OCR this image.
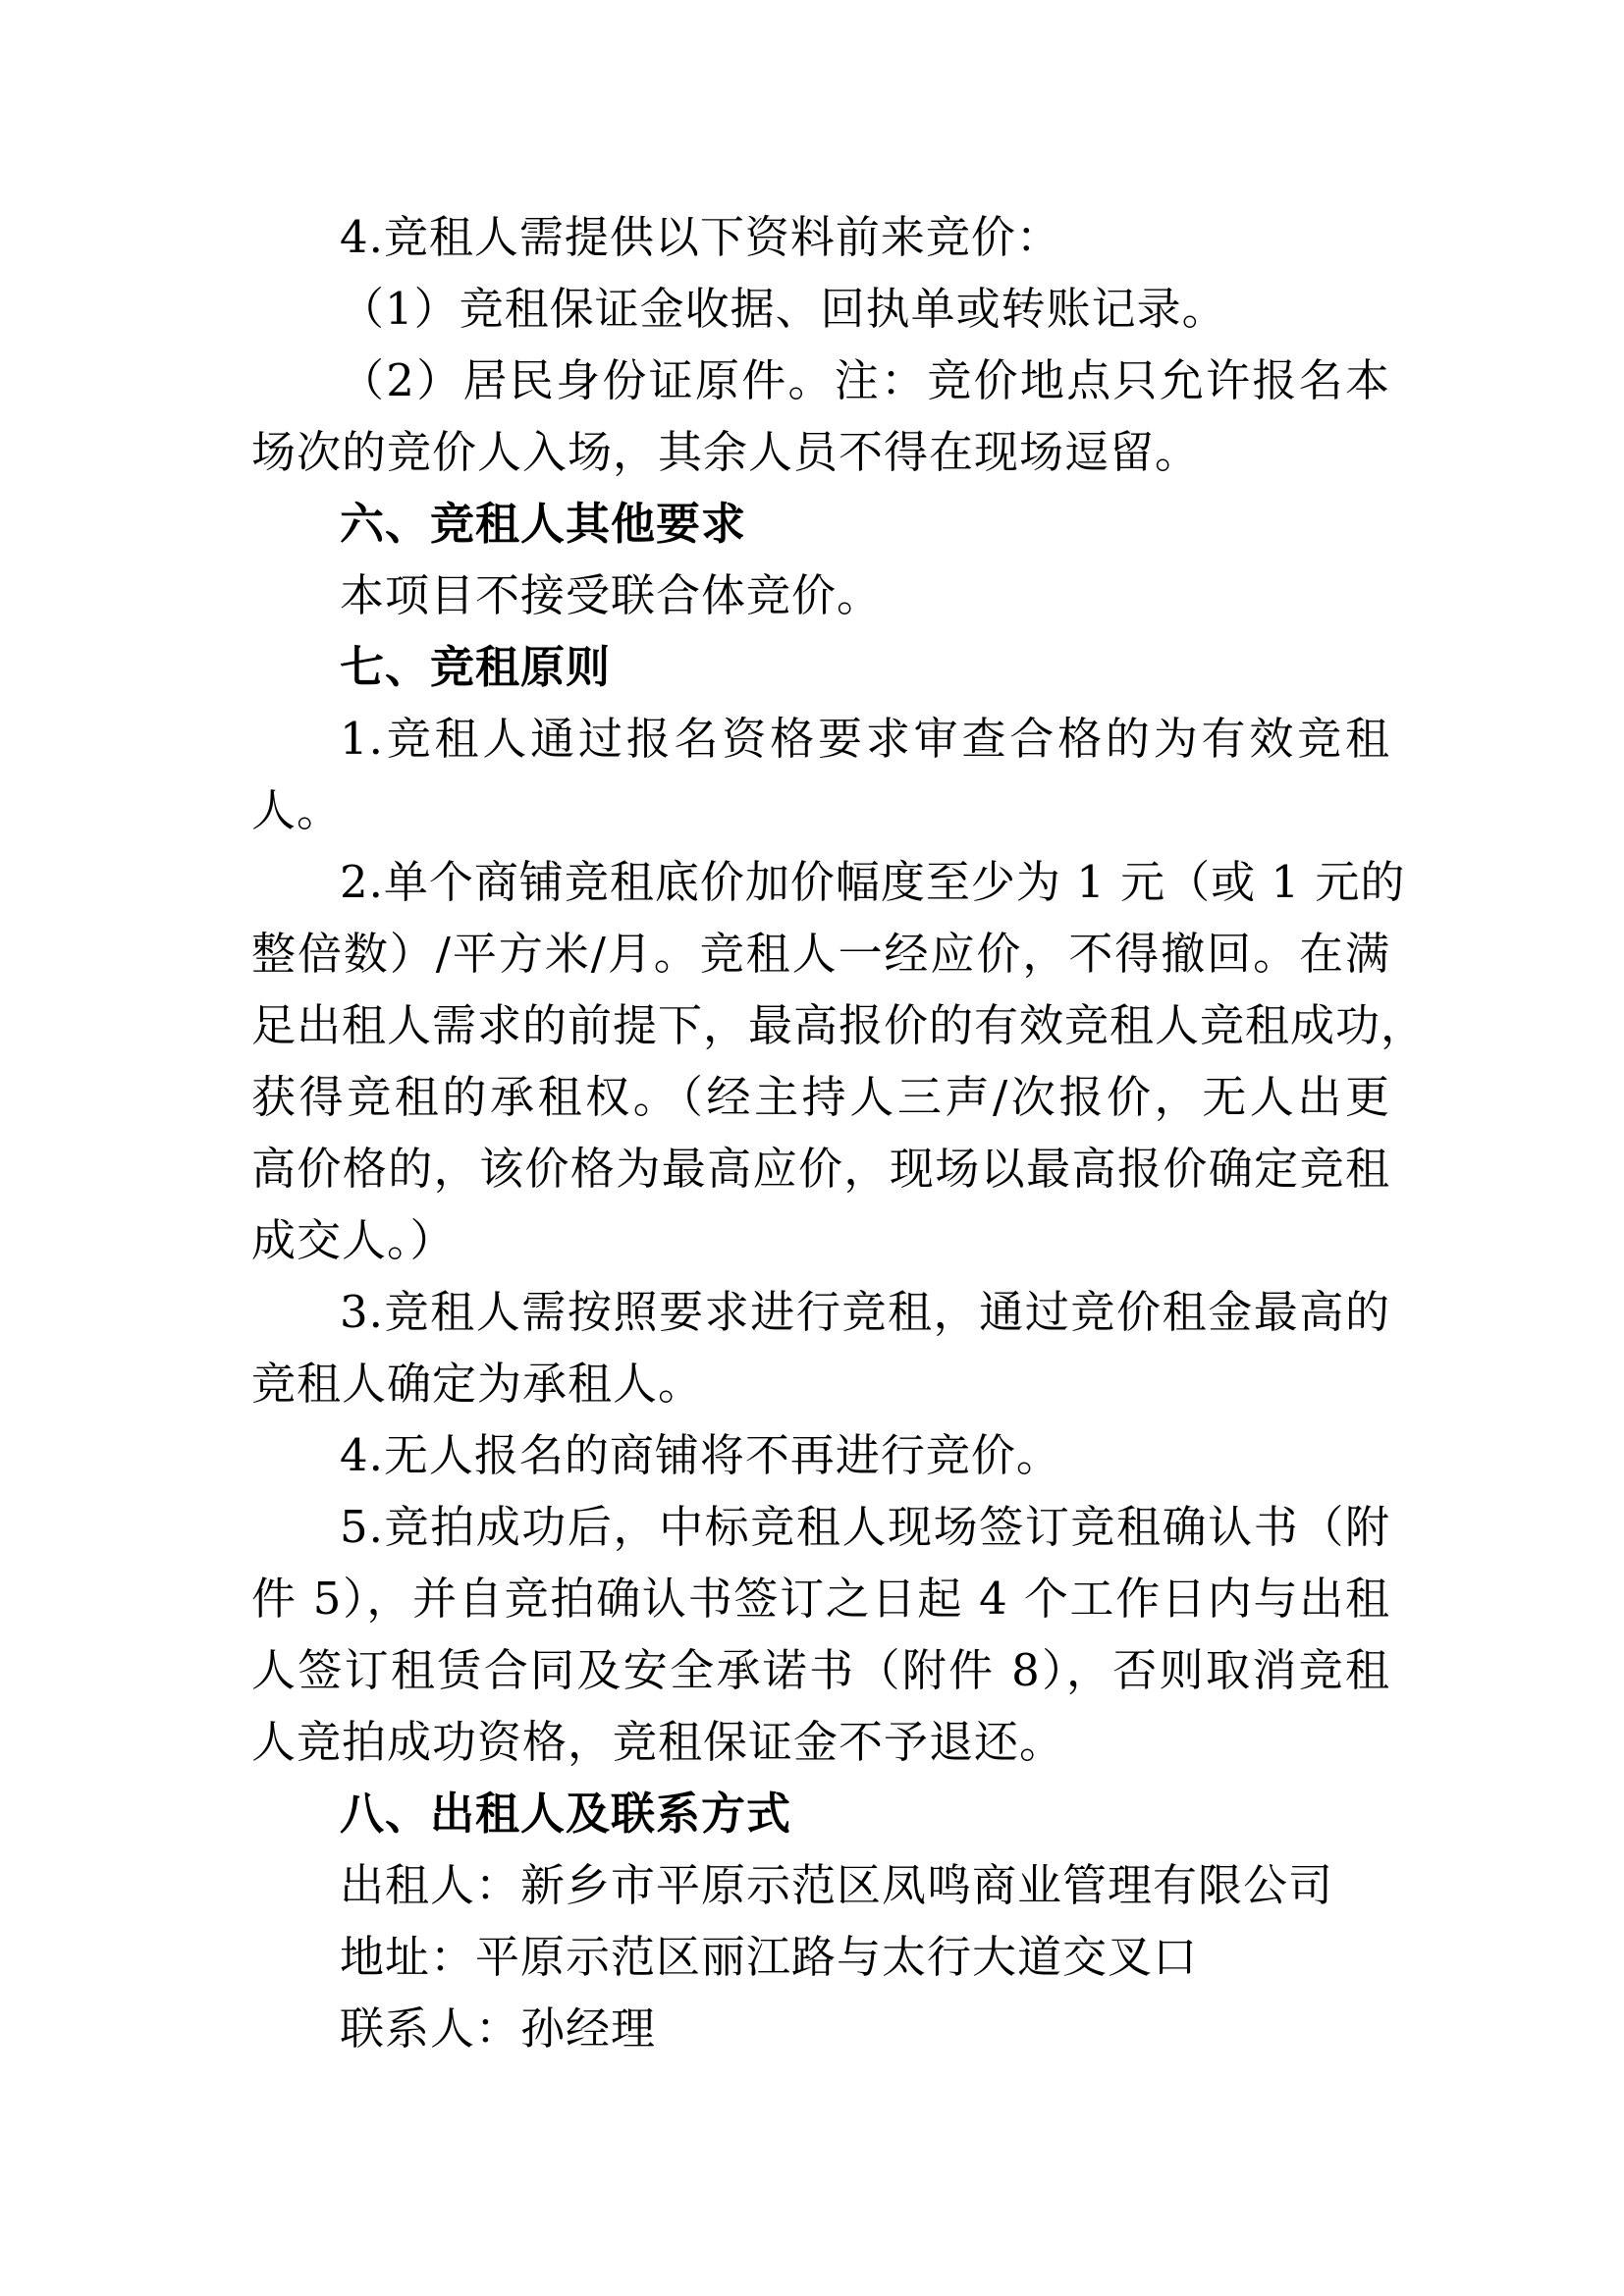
4.竞租人需提供以下资料前来竞价：
（1）竞租保证金收据、回执单或转账记录。
（2）居民身份证原件。注：竞价地点只允许报名本
场次的竞价人入场，其余人员不得在现场逗留。
六、竞租人其他要求
本项目不接受联合体竞价。
七、竞租原则
1.竞租人通过报名资格要求审查合格的为有效竞租
人。
2.单个商铺竞租底价加价幅度至少为 1 元（或 1 元的
整倍数）/平方米/月。竞租人一经应价，不得撤回。在满
足出租人需求的前提下，最高报价的有效竞租人竞租成功，
获得竞租的承租权。（经主持人三声/次报价，无人出更
高价格的，该价格为最高应价，现场以最高报价确定竞租
成交人。）
3.竞租人需按照要求进行竞租，通过竞价租金最高的
竞租人确定为承租人。
4.无人报名的商铺将不再进行竞价。
5.竞拍成功后，中标竞租人现场签订竞租确认书（附
件 5），并自竞拍确认书签订之日起 4 个工作日内与出租
人签订租赁合同及安全承诺书（附件 8），否则取消竞租
人竞拍成功资格，竞租保证金不予退还。
八、出租人及联系方式
出租人：新乡市平原示范区凤鸣商业管理有限公司
地址：平原示范区丽江路与太行大道交叉口
联系人：孙经理
